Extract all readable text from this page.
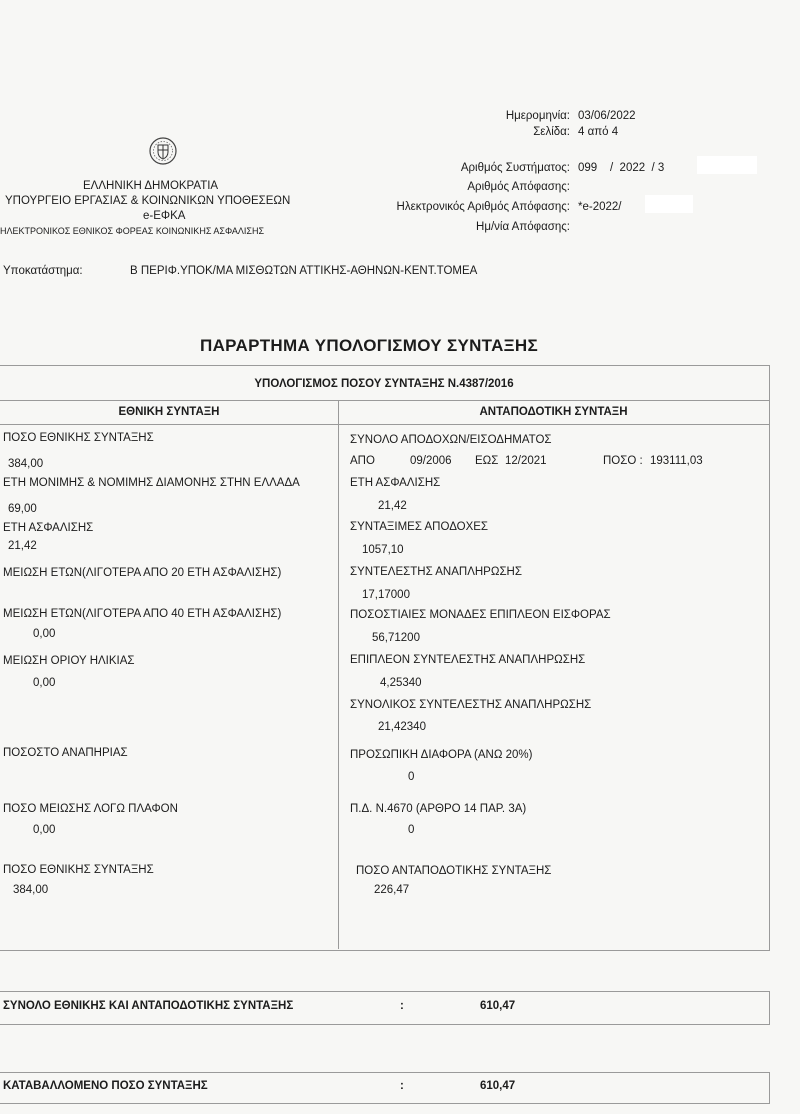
Ημερομηνία: 03/06/2022
Σελίδα: 4 από 4
Αριθμός Συστήματος: 099    /  2022  / 3
Αριθμός Απόφασης:
Ηλεκτρονικός Αριθμός Απόφασης: *e-2022/
Ημ/νία Απόφασης:
ΕΛΛΗΝΙΚΗ ΔΗΜΟΚΡΑΤΙΑ
ΥΠΟΥΡΓΕΙΟ ΕΡΓΑΣΙΑΣ & ΚΟΙΝΩΝΙΚΩΝ ΥΠΟΘΕΣΕΩΝ
e-ΕΦΚΑ
ΗΛΕΚΤΡΟΝΙΚΟΣ ΕΘΝΙΚΟΣ ΦΟΡΕΑΣ ΚΟΙΝΩΝΙΚΗΣ ΑΣΦΑΛΙΣΗΣ
Υποκατάστημα:	Β ΠΕΡΙΦ.ΥΠΟΚ/ΜΑ ΜΙΣΘΩΤΩΝ ΑΤΤΙΚΗΣ-ΑΘΗΝΩΝ-ΚΕΝΤ.ΤΟΜΕΑ
ΠΑΡΑΡΤΗΜΑ ΥΠΟΛΟΓΙΣΜΟΥ ΣΥΝΤΑΞΗΣ
ΥΠΟΛΟΓΙΣΜΟΣ ΠΟΣΟΥ ΣΥΝΤΑΞΗΣ Ν.4387/2016
ΕΘΝΙΚΗ ΣΥΝΤΑΞΗ	ΑΝΤΑΠΟΔΟΤΙΚΗ ΣΥΝΤΑΞΗ
ΠΟΣΟ ΕΘΝΙΚΗΣ ΣΥΝΤΑΞΗΣ
384,00
ΕΤΗ ΜΟΝΙΜΗΣ & ΝΟΜΙΜΗΣ ΔΙΑΜΟΝΗΣ ΣΤΗΝ ΕΛΛΑΔΑ
69,00
ΕΤΗ ΑΣΦΑΛΙΣΗΣ
21,42
ΜΕΙΩΣΗ ΕΤΩΝ(ΛΙΓΟΤΕΡΑ ΑΠΟ 20 ΕΤΗ ΑΣΦΑΛΙΣΗΣ)
ΜΕΙΩΣΗ ΕΤΩΝ(ΛΙΓΟΤΕΡΑ ΑΠΟ 40 ΕΤΗ ΑΣΦΑΛΙΣΗΣ)
0,00
ΜΕΙΩΣΗ ΟΡΙΟΥ ΗΛΙΚΙΑΣ
0,00
ΠΟΣΟΣΤΟ ΑΝΑΠΗΡΙΑΣ
ΠΟΣΟ ΜΕΙΩΣΗΣ ΛΟΓΩ ΠΛΑΦΟΝ
0,00
ΠΟΣΟ ΕΘΝΙΚΗΣ ΣΥΝΤΑΞΗΣ
384,00
ΣΥΝΟΛΟ ΑΠΟΔΟΧΩΝ/ΕΙΣΟΔΗΜΑΤΟΣ
ΑΠΟ	09/2006 ΕΩΣ 12/2021	ΠΟΣΟ : 193111,03
ΕΤΗ ΑΣΦΑΛΙΣΗΣ
21,42
ΣΥΝΤΑΞΙΜΕΣ ΑΠΟΔΟΧΕΣ
1057,10
ΣΥΝΤΕΛΕΣΤΗΣ ΑΝΑΠΛΗΡΩΣΗΣ
17,17000
ΠΟΣΟΣΤΙΑΙΕΣ ΜΟΝΑΔΕΣ ΕΠΙΠΛΕΟΝ ΕΙΣΦΟΡΑΣ
56,71200
ΕΠΙΠΛΕΟΝ ΣΥΝΤΕΛΕΣΤΗΣ ΑΝΑΠΛΗΡΩΣΗΣ
4,25340
ΣΥΝΟΛΙΚΟΣ ΣΥΝΤΕΛΕΣΤΗΣ ΑΝΑΠΛΗΡΩΣΗΣ
21,42340
ΠΡΟΣΩΠΙΚΗ ΔΙΑΦΟΡΑ (ΑΝΩ 20%)
0
Π.Δ. Ν.4670 (ΑΡΘΡΟ 14 ΠΑΡ. 3Α)
0
ΠΟΣΟ ΑΝΤΑΠΟΔΟΤΙΚΗΣ ΣΥΝΤΑΞΗΣ
226,47
ΣΥΝΟΛΟ ΕΘΝΙΚΗΣ ΚΑΙ ΑΝΤΑΠΟΔΟΤΙΚΗΣ ΣΥΝΤΑΞΗΣ	:	610,47
ΚΑΤΑΒΑΛΛΟΜΕΝΟ ΠΟΣΟ ΣΥΝΤΑΞΗΣ	:	610,47
